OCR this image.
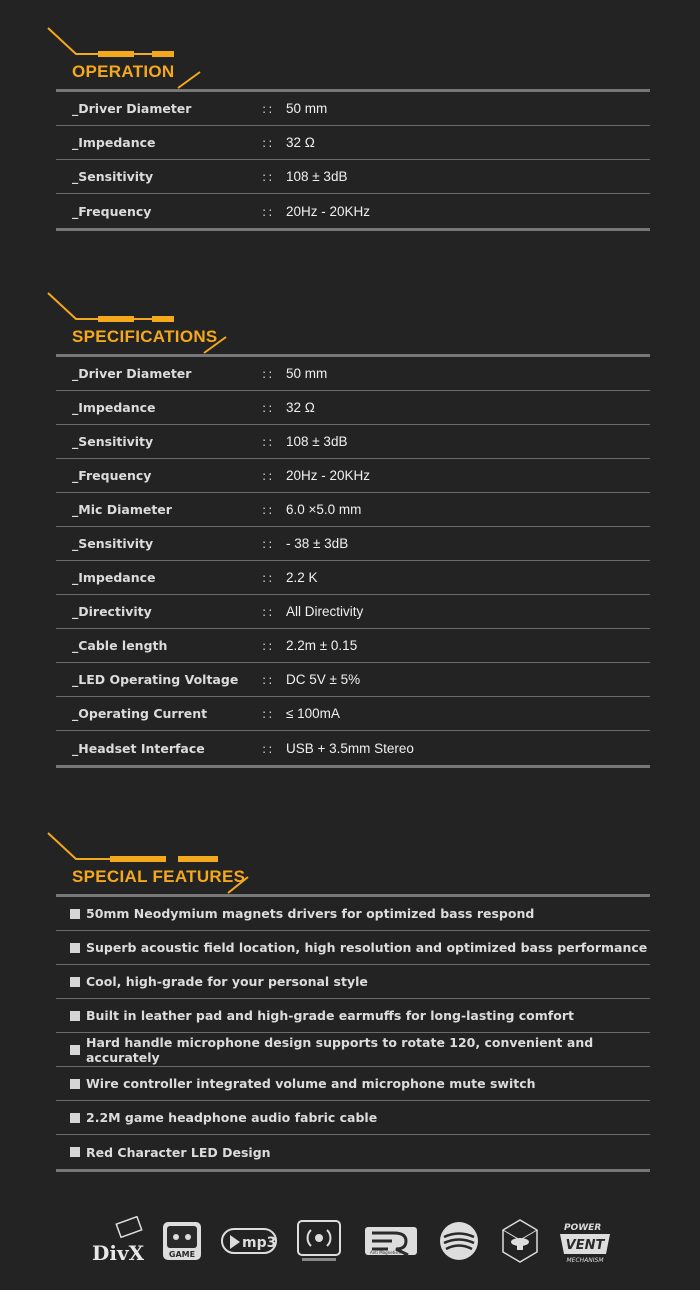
OPERATION
_Driver Diameter	:: 50 mm
_Impedance	:: 32 Ω
_Sensitivity	:: 108 ± 3dB
_Frequency	:: 20Hz - 20KHz
SPECIFICATIONS
_Driver Diameter	:: 50 mm
_Impedance	:: 32 Ω
_Sensitivity	:: 108 ± 3dB
_Frequency	:: 20Hz - 20KHz
_Mic Diameter	:: 6.0 ×5.0 mm
_Sensitivity	:: - 38 ± 3dB
_Impedance	:: 2.2 K
_Directivity	:: All Directivity
_Cable length	:: 2.2m ± 0.15
_LED Operating Voltage	:: DC 5V ± 5%
_Operating Current	:: ≤ 100mA
_Headset Interface	:: USB + 3.5mm Stereo
SPECIAL FEATURES
50mm Neodymium magnets drivers for optimized bass respond
Superb acoustic field location, high resolution and optimized bass performance
Cool, high-grade for your personal style
Built in leather pad and high-grade earmuffs for long-lasting comfort
Hard handle microphone design supports to rotate 120, convenient and accurately
Wire controller integrated volume and microphone mute switch
2.2M game headphone audio fabric cable
Red Character LED Design
DivX	GAME
mp3
Anti Magnetism
POWER
VENT
MECHANISM
